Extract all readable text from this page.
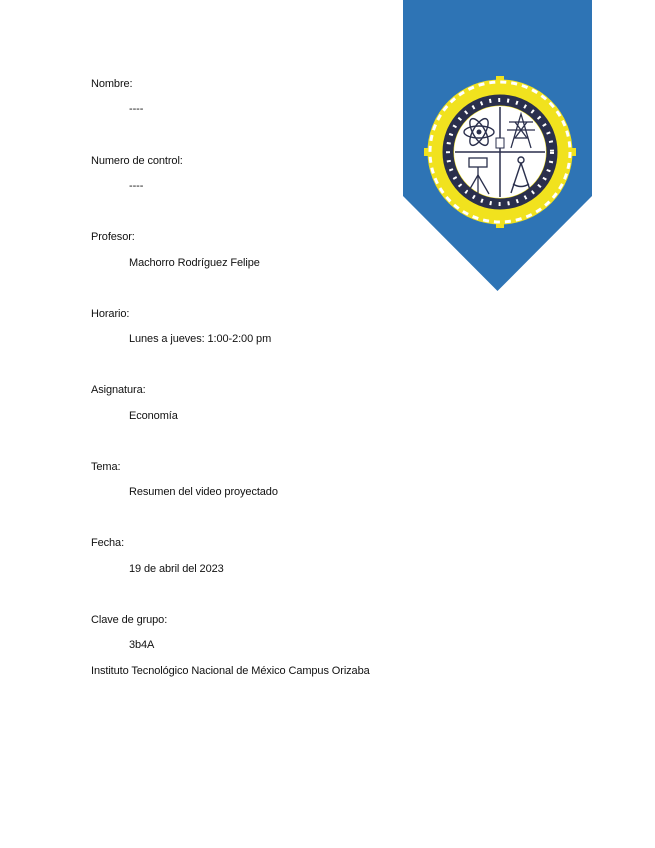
Nombre:
----
Numero de control:
----
Profesor:
Machorro Rodríguez Felipe
Horario:
Lunes a jueves: 1:00-2:00 pm
Asignatura:
Economía
Tema:
Resumen del video proyectado
Fecha:
19 de abril del 2023
Clave de grupo:
3b4A
Instituto Tecnológico Nacional de México Campus Orizaba
